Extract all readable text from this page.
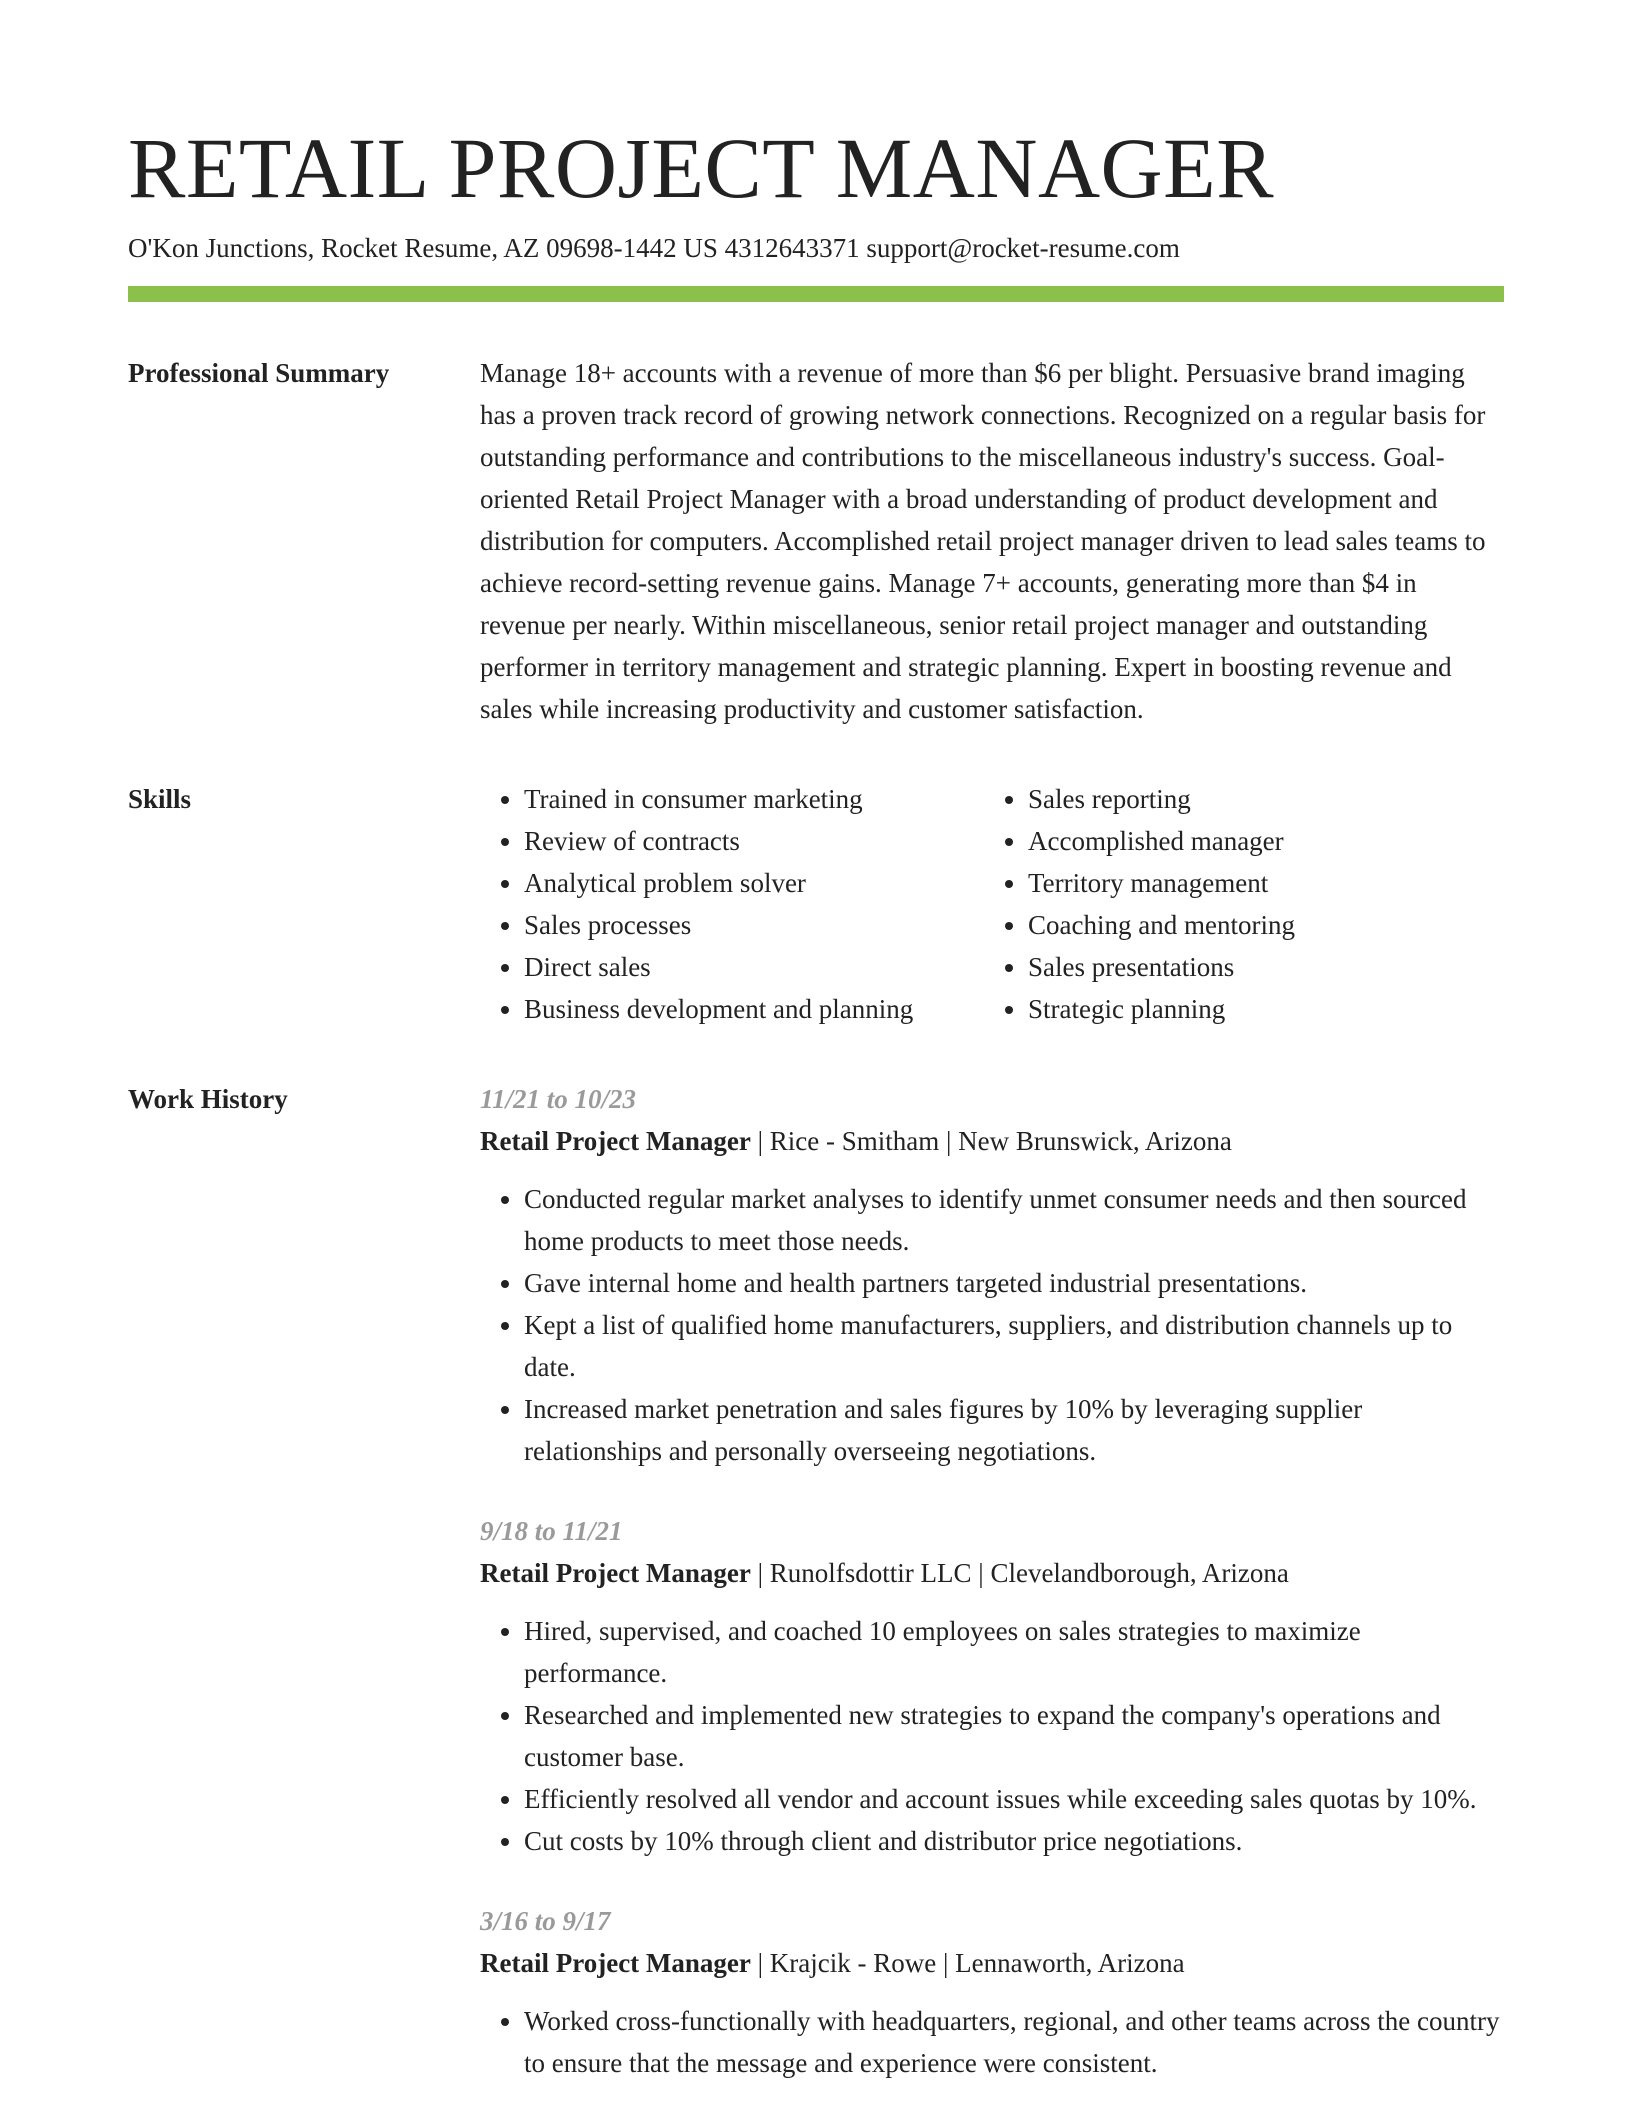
RETAIL PROJECT MANAGER
O'Kon Junctions, Rocket Resume, AZ 09698-1442 US 4312643371 support@rocket-resume.com
Professional Summary	Manage 18+ accounts with a revenue of more than $6 per blight. Persuasive brand imaging has a proven track record of growing network connections. Recognized on a regular basis for outstanding performance and contributions to the miscellaneous industry's success. Goal-oriented Retail Project Manager with a broad understanding of product development and distribution for computers. Accomplished retail project manager driven to lead sales teams to achieve record-setting revenue gains. Manage 7+ accounts, generating more than $4 in revenue per nearly. Within miscellaneous, senior retail project manager and outstanding performer in territory management and strategic planning. Expert in boosting revenue and sales while increasing productivity and customer satisfaction.

Skills
•	Trained in consumer marketing
• Review of contracts
• Analytical problem solver
• Sales processes
• Direct sales
• Business development and planning
• Sales reporting
• Accomplished manager
• Territory management
• Coaching and mentoring
• Sales presentations
• Strategic planning
Work History	11/21 to 10/23
Retail Project Manager | Rice - Smitham | New Brunswick, Arizona
• Conducted regular market analyses to identify unmet consumer needs and then sourced home products to meet those needs.
• Gave internal home and health partners targeted industrial presentations.
• Kept a list of qualified home manufacturers, suppliers, and distribution channels up to date.
• Increased market penetration and sales figures by 10% by leveraging supplier relationships and personally overseeing negotiations.
9/18 to 11/21
Retail Project Manager | Runolfsdottir LLC | Clevelandborough, Arizona
• Hired, supervised, and coached 10 employees on sales strategies to maximize performance.
• Researched and implemented new strategies to expand the company's operations and customer base.
• Efficiently resolved all vendor and account issues while exceeding sales quotas by 10%.
• Cut costs by 10% through client and distributor price negotiations.
3/16 to 9/17
Retail Project Manager | Krajcik - Rowe | Lennaworth, Arizona
• Worked cross-functionally with headquarters, regional, and other teams across the country to ensure that the message and experience were consistent.
